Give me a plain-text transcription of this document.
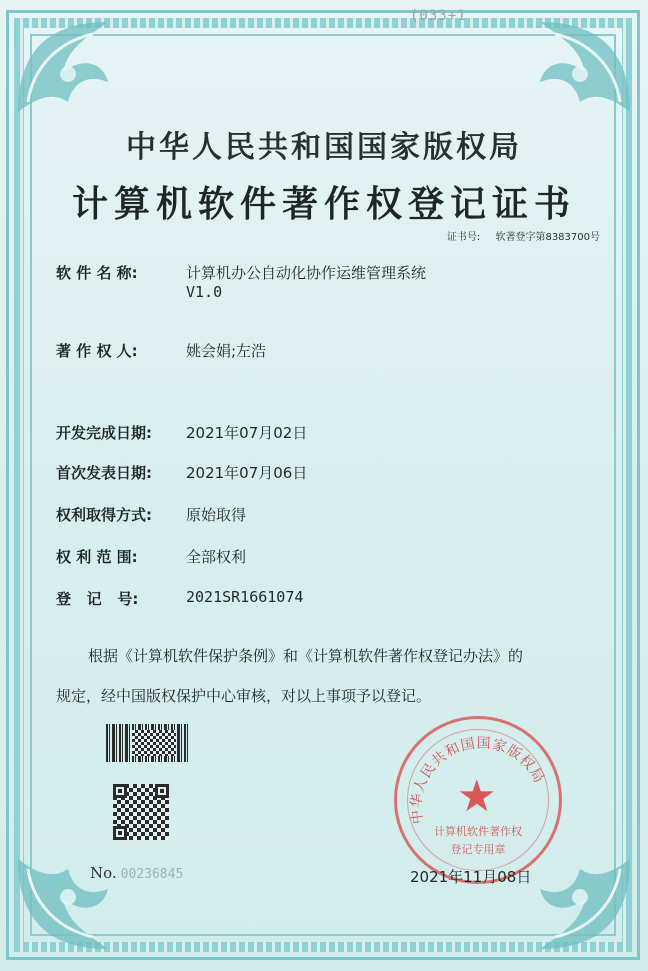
(033+1
中华人民共和国国家版权局
计算机软件著作权登记证书
证书号: 软著登字第8383700号
软 件 名 称:	计算机办公自动化协作运维管理系统
V1.0
著 作 权 人:	姚会娟;左浩
开发完成日期: 2021年07月02日
首次发表日期: 2021年07月06日
权利取得方式: 原始取得
权 利 范 围:	全部权利
登   记   号:	2021SR1661074

根据《计算机软件保护条例》和《计算机软件著作权登记办法》的

规定，经中国版权保护中心审核，对以上事项予以登记。

No. 00236845
中华人民共和国国家版权局
★
计算机软件著作权
登记专用章
2021年11月08日
